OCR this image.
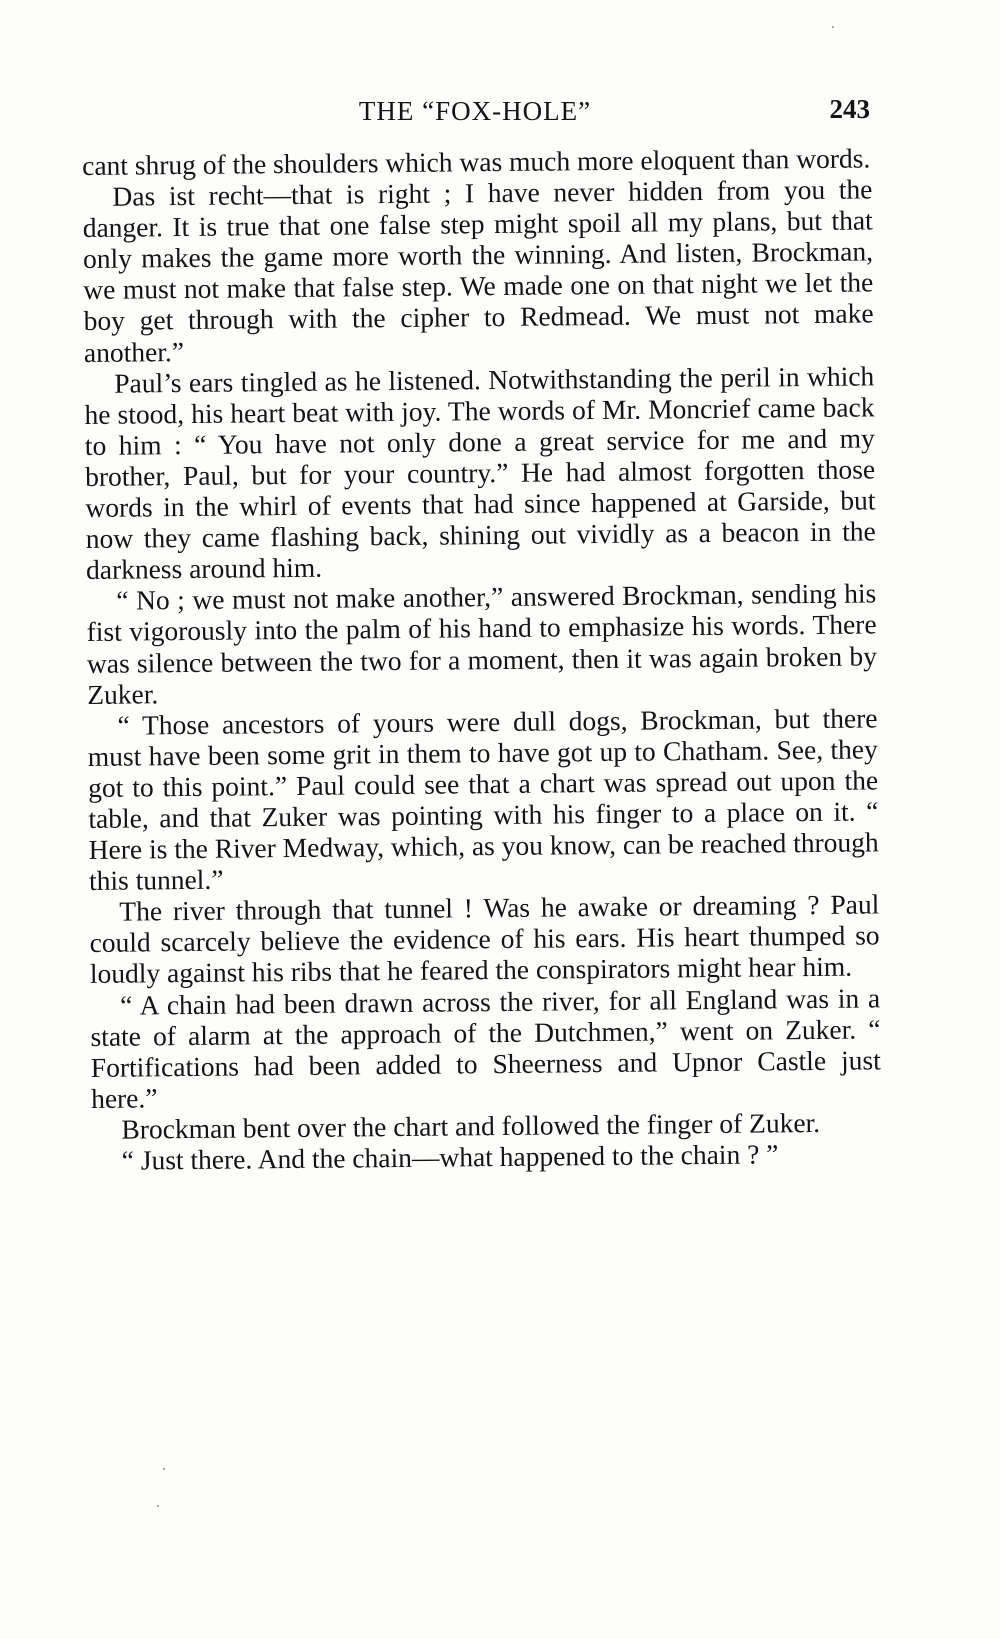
THE “FOX-HOLE”	243

cant shrug of the shoulders which was much more eloquent than words.

Das ist recht—that is right ; I have never hidden from you the danger. It is true that one false step might spoil all my plans, but that only makes the game more worth the winning. And listen, Brockman, we must not make that false step. We made one on that night we let the boy get through with the cipher to Redmead. We must not make another.”

Paul’s ears tingled as he listened. Notwithstanding the peril in which he stood, his heart beat with joy. The words of Mr. Moncrief came back to him : “ You have not only done a great service for me and my brother, Paul, but for your country.” He had almost forgotten those words in the whirl of events that had since happened at Garside, but now they came flashing back, shining out vividly as a beacon in the darkness around him.

“ No ; we must not make another,” answered Brockman, sending his fist vigorously into the palm of his hand to emphasize his words. There was silence between the two for a moment, then it was again broken by Zuker.

“ Those ancestors of yours were dull dogs, Brockman, but there must have been some grit in them to have got up to Chatham. See, they got to this point.” Paul could see that a chart was spread out upon the table, and that Zuker was pointing with his finger to a place on it. “ Here is the River Medway, which, as you know, can be reached through this tunnel.”

The river through that tunnel ! Was he awake or dreaming ? Paul could scarcely believe the evidence of his ears. His heart thumped so loudly against his ribs that he feared the conspirators might hear him.

“ A chain had been drawn across the river, for all England was in a state of alarm at the approach of the Dutchmen,” went on Zuker. “ Fortifications had been added to Sheerness and Upnor Castle just here.”

Brockman bent over the chart and followed the finger of Zuker.

“ Just there. And the chain—what happened to the chain ? ”
